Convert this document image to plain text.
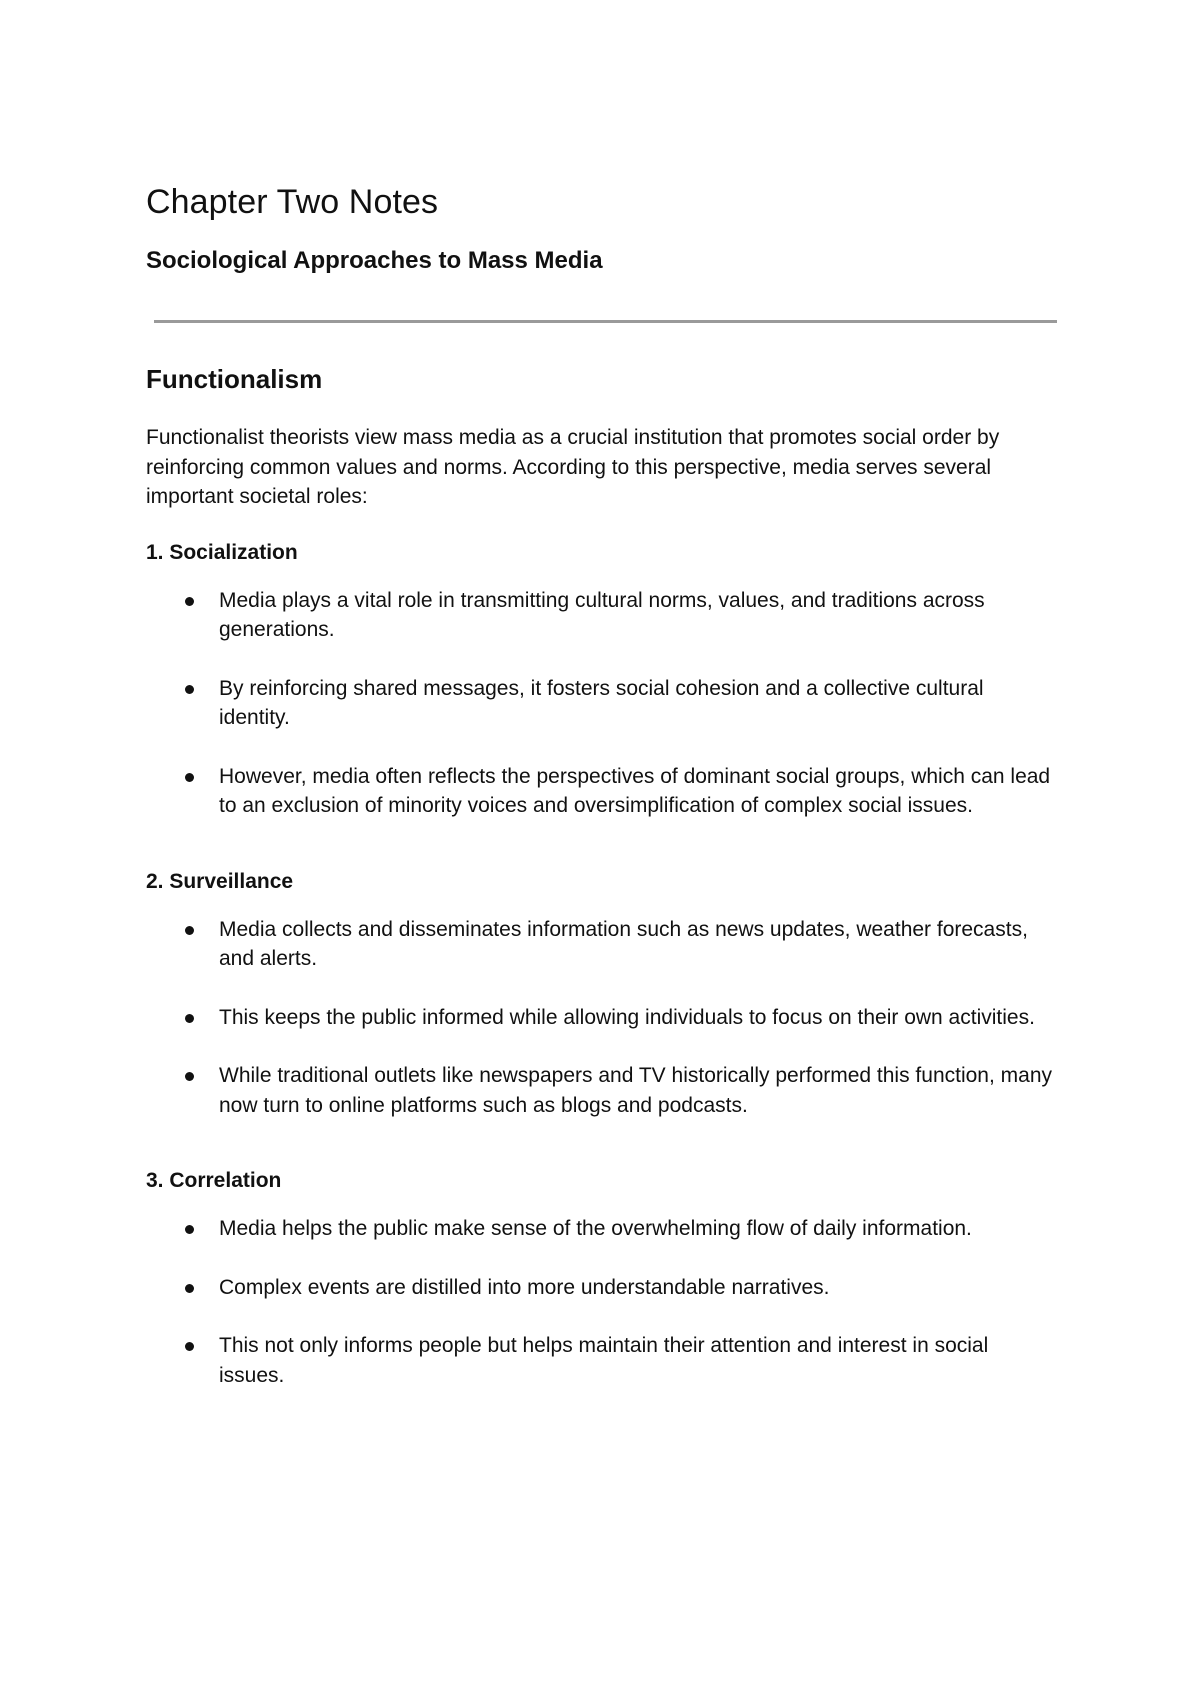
Chapter Two Notes
Sociological Approaches to Mass Media
Functionalism

Functionalist theorists view mass media as a crucial institution that promotes social order by reinforcing common values and norms. According to this perspective, media serves several important societal roles:

1. Socialization
Media plays a vital role in transmitting cultural norms, values, and traditions across generations.
By reinforcing shared messages, it fosters social cohesion and a collective cultural identity.
However, media often reflects the perspectives of dominant social groups, which can lead to an exclusion of minority voices and oversimplification of complex social issues.
2. Surveillance
Media collects and disseminates information such as news updates, weather forecasts, and alerts.
This keeps the public informed while allowing individuals to focus on their own activities.
While traditional outlets like newspapers and TV historically performed this function, many now turn to online platforms such as blogs and podcasts.
3. Correlation
Media helps the public make sense of the overwhelming flow of daily information.
Complex events are distilled into more understandable narratives.
This not only informs people but helps maintain their attention and interest in social issues.
